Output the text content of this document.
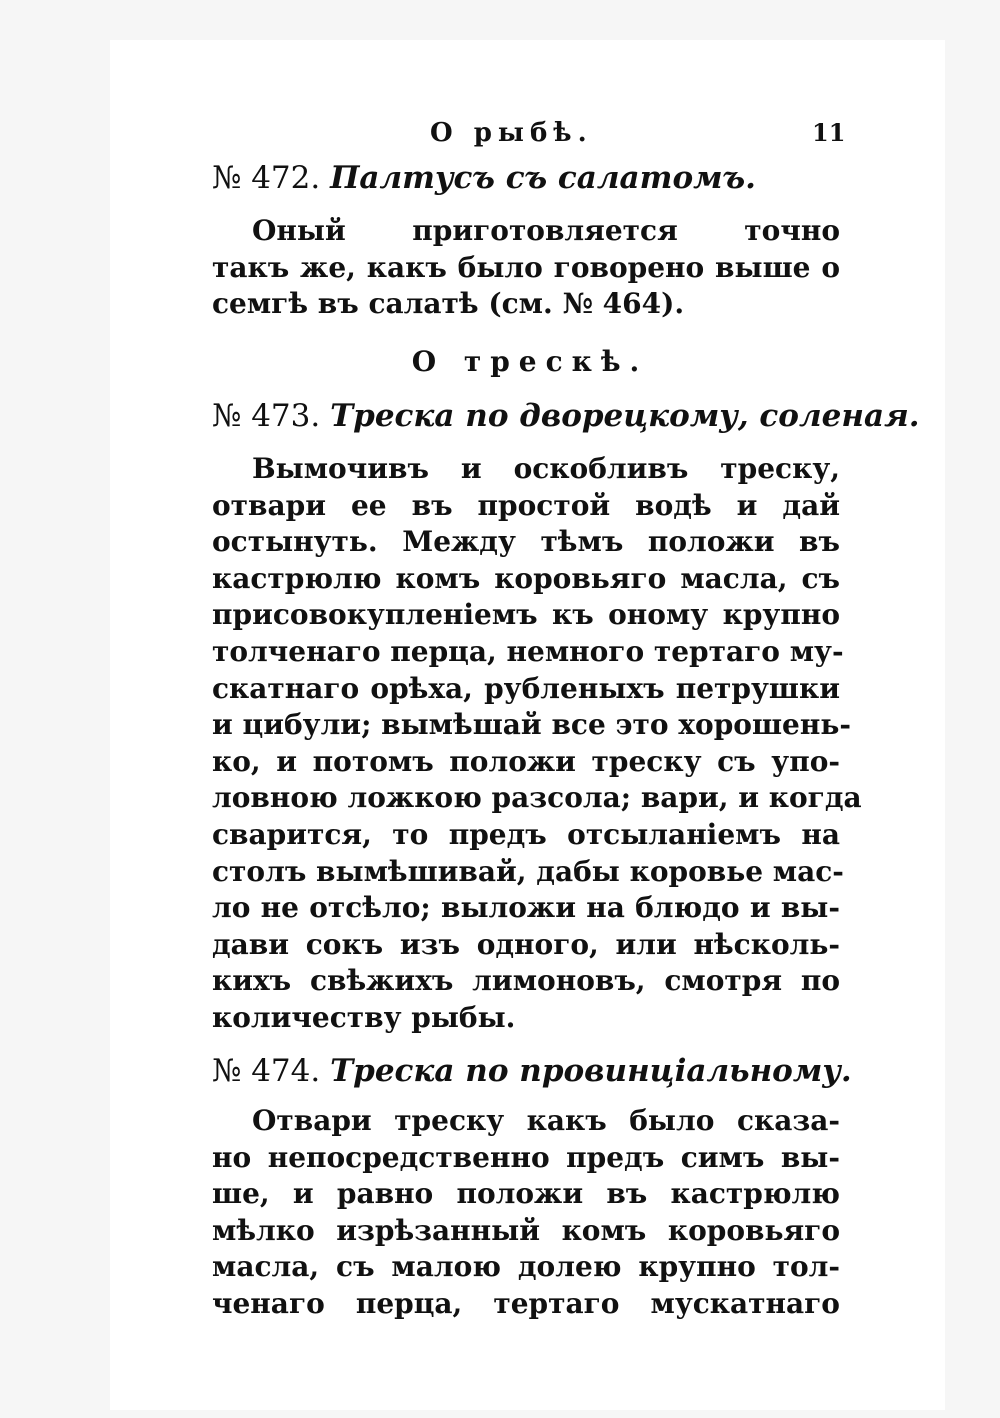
О рыбѣ.	11
№ 472. Палтусъ съ салатомъ.
Оный приготовляется точно
такъ же, какъ было говорено выше о
семгѣ въ салатѣ (см. № 464).
О трескѣ.
№ 473. Треска по дворецкому, соленая.
Вымочивъ и оскобливъ треску,
отвари ее въ простой водѣ и дай
остынуть. Между тѣмъ положи въ
кастрюлю комъ коровьяго масла, съ
присовокупленіемъ къ оному крупно
толченаго перца, немного тертаго му-
скатнаго орѣха, рубленыхъ петрушки
и цибули; вымѣшай все это хорошень-
ко, и потомъ положи треску съ упо-
ловною ложкою разсола; вари, и когда
сварится, то предъ отсыланіемъ на
столъ вымѣшивай, дабы коровье мас-
ло не отсѣло; выложи на блюдо и вы-
дави сокъ изъ одного, или нѣсколь-
кихъ свѣжихъ лимоновъ, смотря по
количеству рыбы.
№ 474. Треска по провинціальному.
Отвари треску какъ было сказа-
но непосредственно предъ симъ вы-
ше, и равно положи въ кастрюлю
мѣлко изрѣзанный комъ коровьяго
масла, съ малою долею крупно тол-
ченаго перца, тертаго мускатнаго
